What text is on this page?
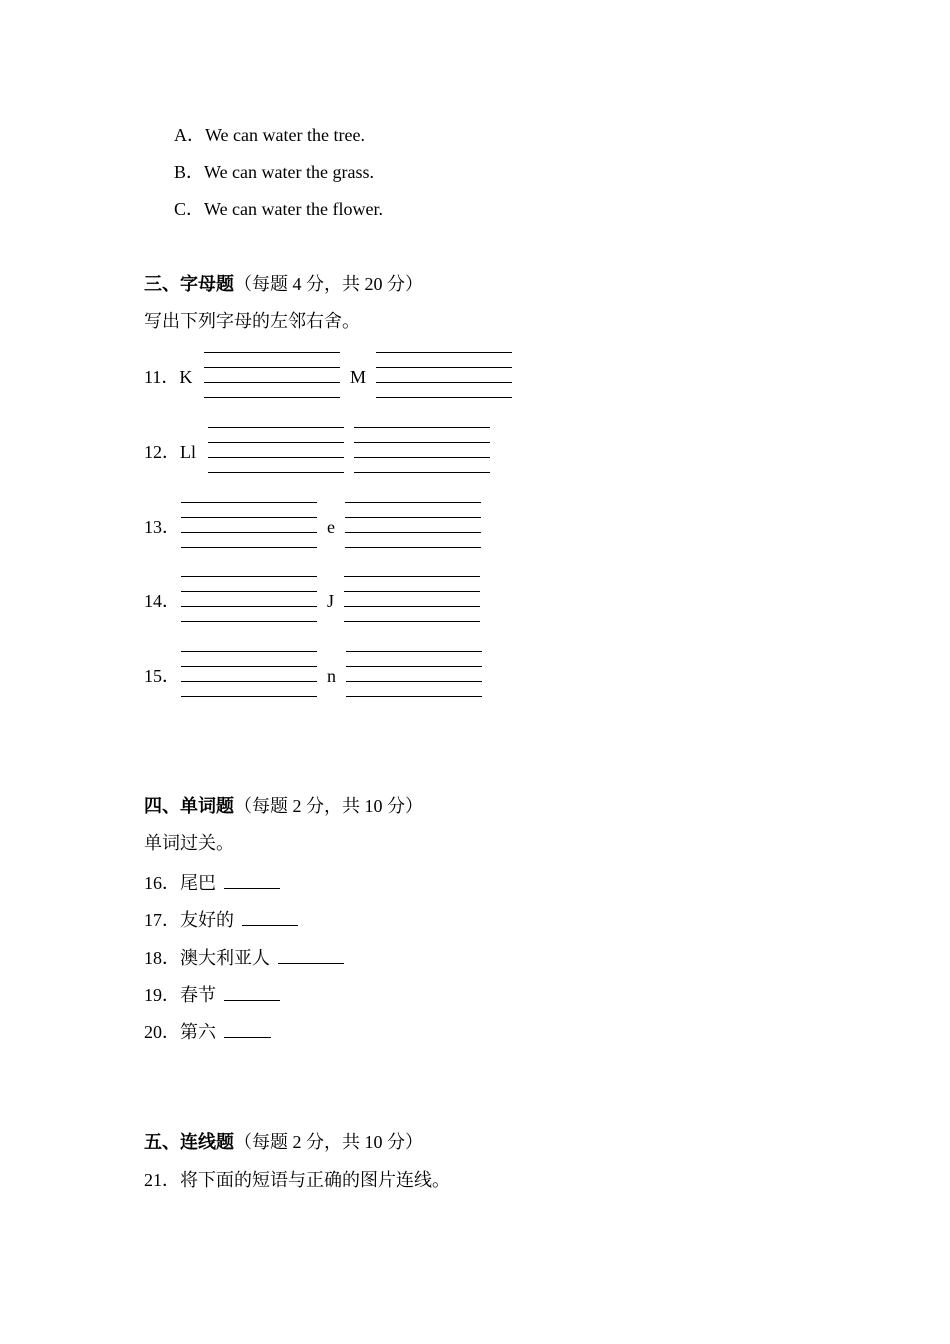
A．We can water the tree.
B．We can water the grass.
C．We can water the flower.
三、字母题（每题 4 分，共 20 分）
写出下列字母的左邻右舍。
11．K	M
12．Ll
13．	e
14．	J
15．	n
四、单词题（每题 2 分，共 10 分）
单词过关。
16．尾巴
17．友好的
18．澳大利亚人
19．春节
20．第六
五、连线题（每题 2 分，共 10 分）
21．将下面的短语与正确的图片连线。
